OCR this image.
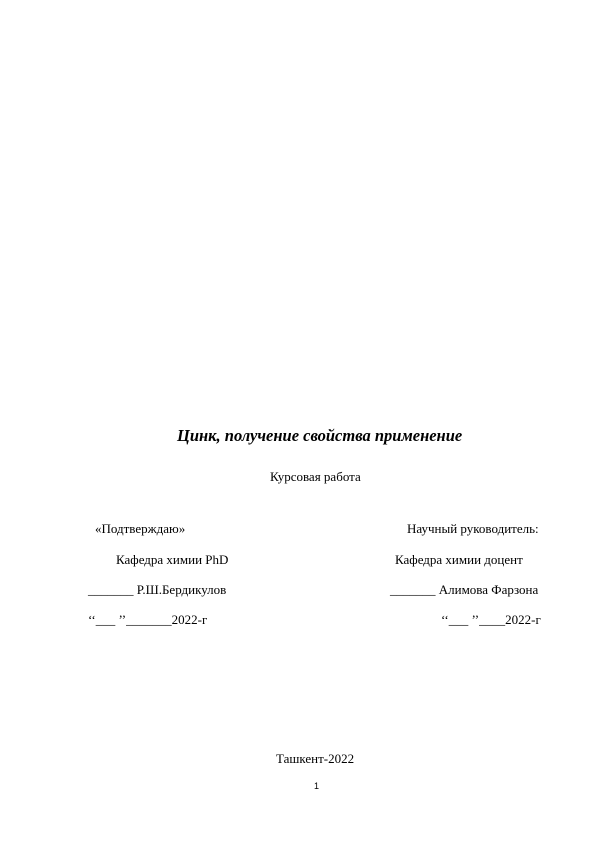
Цинк, получение свойства применение
Курсовая работа
«Подтверждаю»
Кафедра химии PhD
_______ Р.Ш.Бердикулов
‘‘___ ’’_______2022-г
Научный руководитель:
Кафедра химии доцент
_______ Алимова Фарзона
‘‘___ ’’____2022-г
Ташкент-2022
1
